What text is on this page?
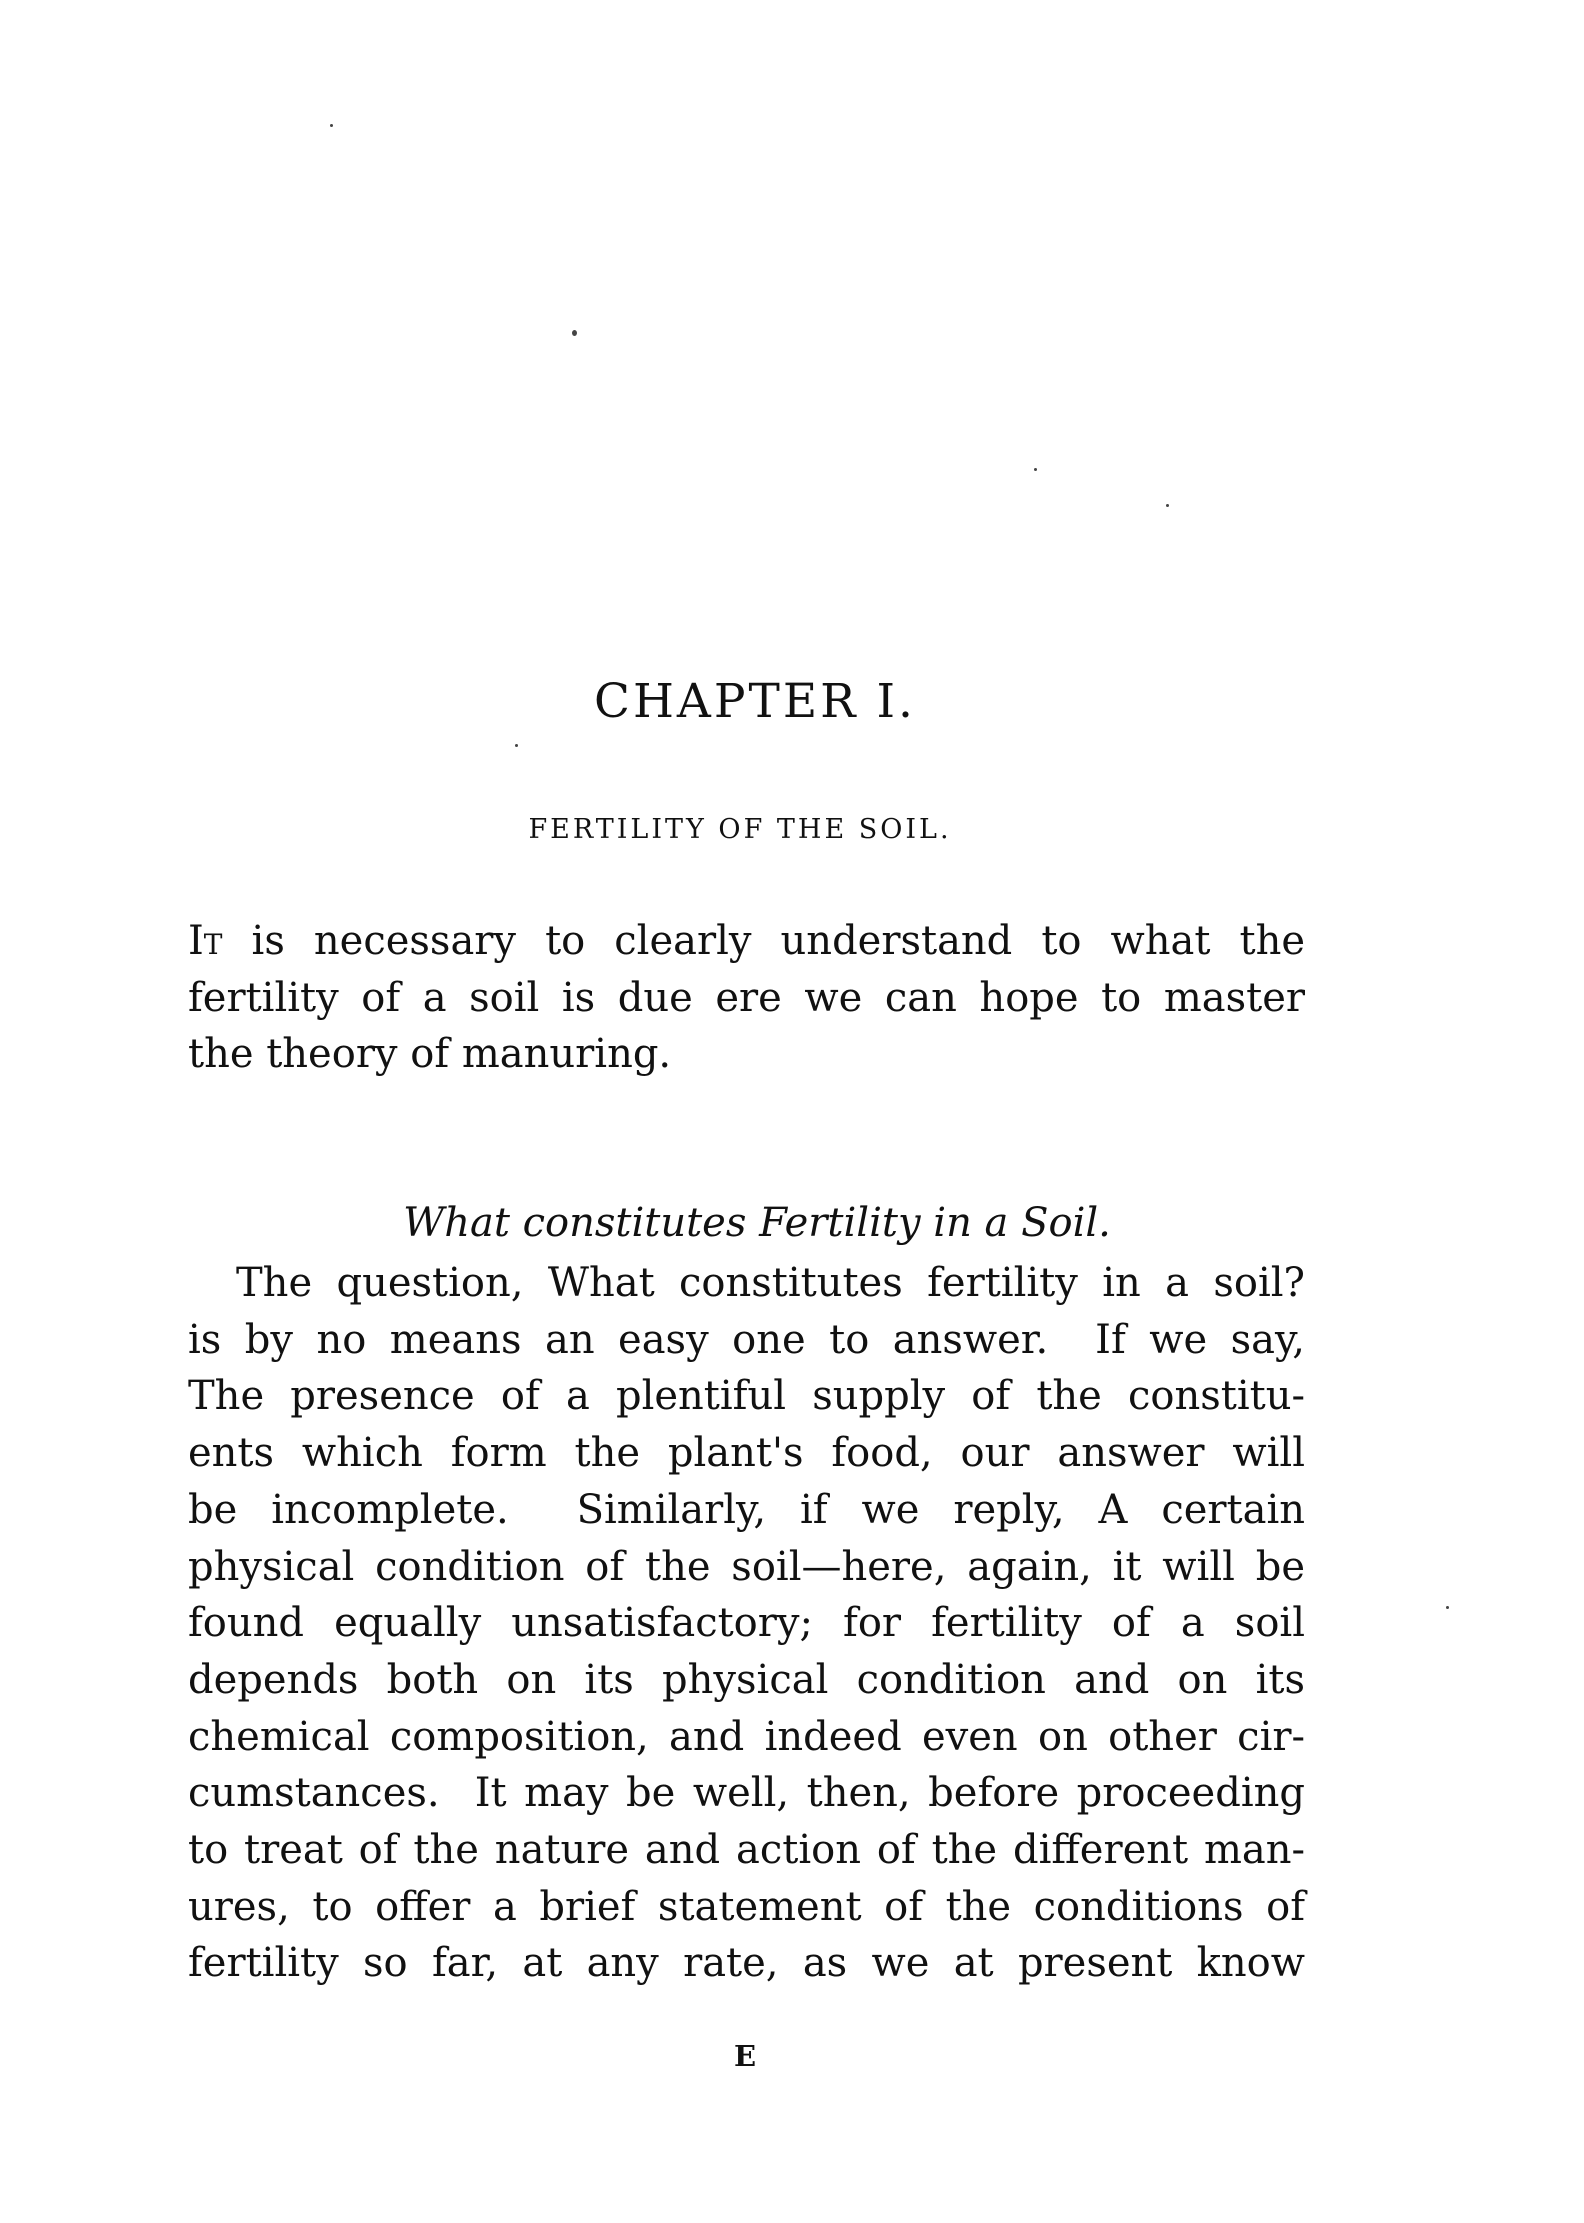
CHAPTER I.
FERTILITY OF THE SOIL.
It is necessary to clearly understand to what the
fertility of a soil is due ere we can hope to master
the theory of manuring.
What constitutes Fertility in a Soil.
The question, What constitutes fertility in a soil?
is by no means an easy one to answer.  If we say,
The presence of a plentiful supply of the constitu-
ents which form the plant's food, our answer will
be incomplete.  Similarly, if we reply, A certain
physical condition of the soil—here, again, it will be
found equally unsatisfactory; for fertility of a soil
depends both on its physical condition and on its
chemical composition, and indeed even on other cir-
cumstances.  It may be well, then, before proceeding
to treat of the nature and action of the different man-
ures, to offer a brief statement of the conditions of
fertility so far, at any rate, as we at present know
E
